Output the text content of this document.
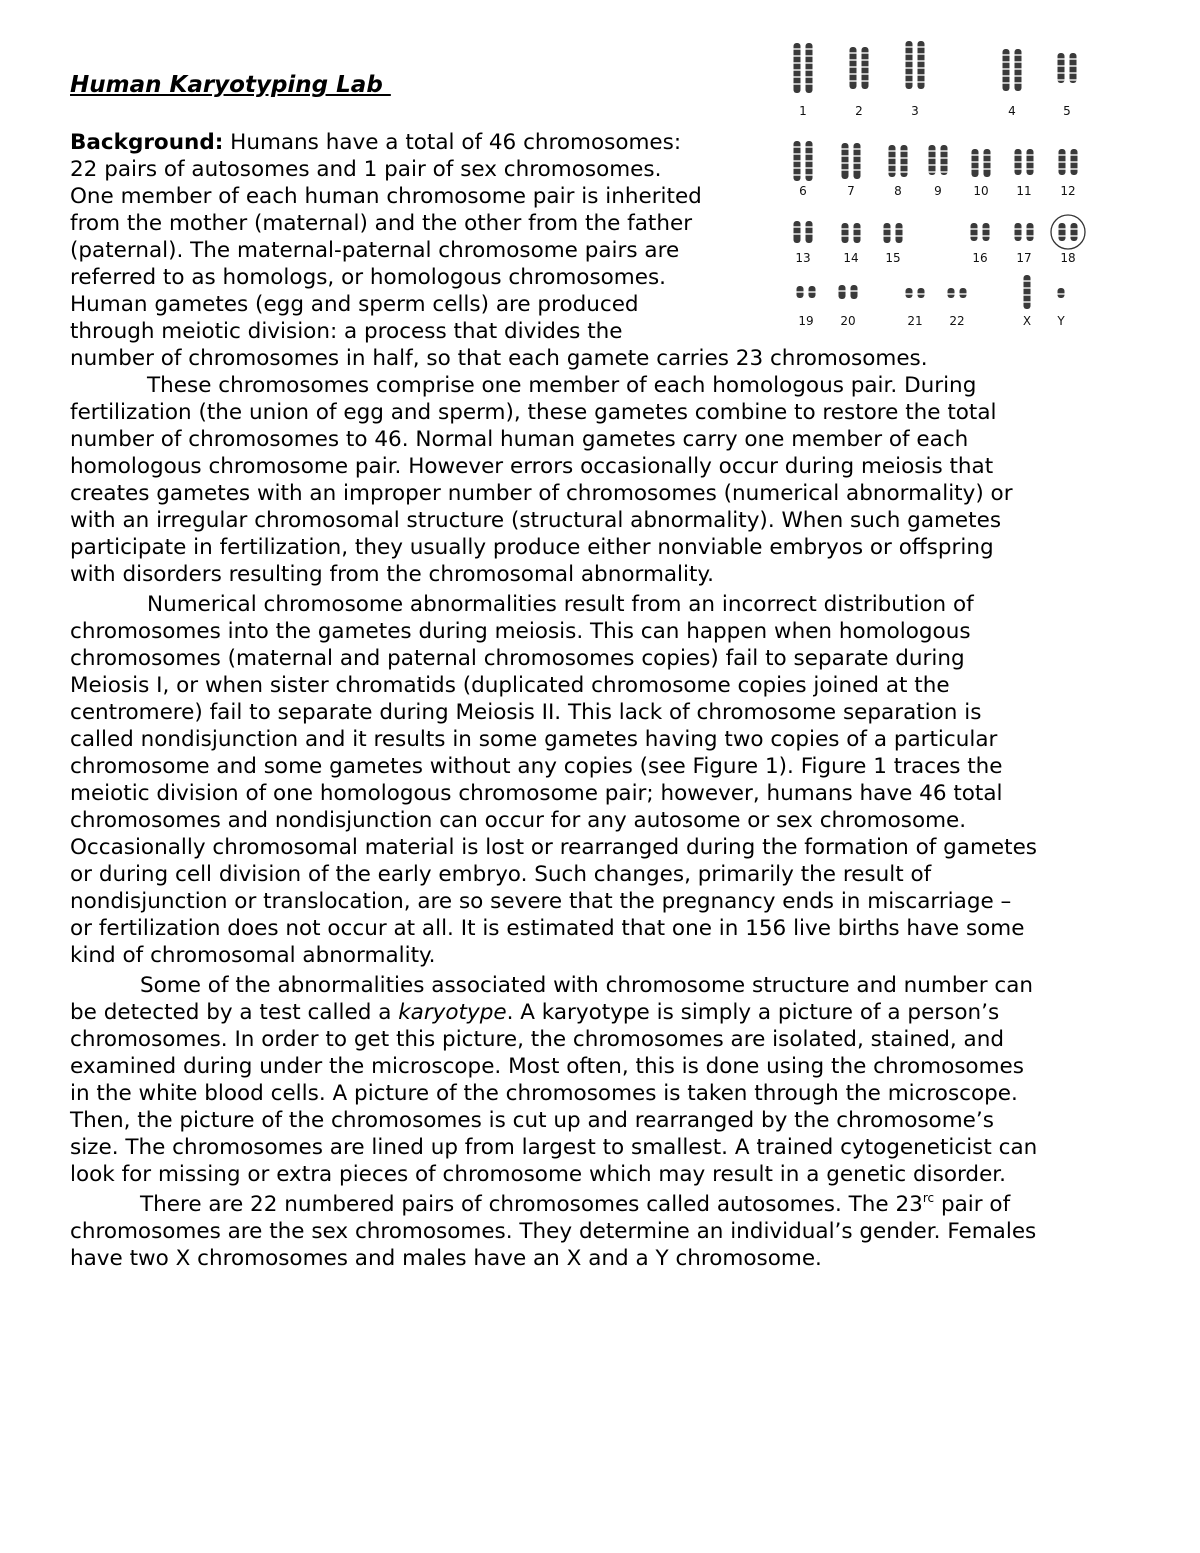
Human Karyotyping Lab
1	2	3	4	5
6	7	8	9	10 11 12
13	14 15	16 17 18
19 20	21 22	X Y
Background: Humans have a total of 46 chromosomes:
22 pairs of autosomes and 1 pair of sex chromosomes.
One member of each human chromosome pair is inherited
from the mother (maternal) and the other from the father
(paternal). The maternal-paternal chromosome pairs are
referred to as homologs, or homologous chromosomes.
Human gametes (egg and sperm cells) are produced
through meiotic division: a process that divides the
number of chromosomes in half, so that each gamete carries 23 chromosomes.
These chromosomes comprise one member of each homologous pair. During
fertilization (the union of egg and sperm), these gametes combine to restore the total
number of chromosomes to 46. Normal human gametes carry one member of each
homologous chromosome pair. However errors occasionally occur during meiosis that
creates gametes with an improper number of chromosomes (numerical abnormality) or
with an irregular chromosomal structure (structural abnormality). When such gametes
participate in fertilization, they usually produce either nonviable embryos or offspring
with disorders resulting from the chromosomal abnormality.
Numerical chromosome abnormalities result from an incorrect distribution of
chromosomes into the gametes during meiosis. This can happen when homologous
chromosomes (maternal and paternal chromosomes copies) fail to separate during
Meiosis I, or when sister chromatids (duplicated chromosome copies joined at the
centromere) fail to separate during Meiosis II. This lack of chromosome separation is
called nondisjunction and it results in some gametes having two copies of a particular
chromosome and some gametes without any copies (see Figure 1). Figure 1 traces the
meiotic division of one homologous chromosome pair; however, humans have 46 total
chromosomes and nondisjunction can occur for any autosome or sex chromosome.
Occasionally chromosomal material is lost or rearranged during the formation of gametes
or during cell division of the early embryo. Such changes, primarily the result of
nondisjunction or translocation, are so severe that the pregnancy ends in miscarriage –
or fertilization does not occur at all. It is estimated that one in 156 live births have some
kind of chromosomal abnormality.
Some of the abnormalities associated with chromosome structure and number can
be detected by a test called a karyotype. A karyotype is simply a picture of a person’s
chromosomes. In order to get this picture, the chromosomes are isolated, stained, and
examined during under the microscope. Most often, this is done using the chromosomes
in the white blood cells. A picture of the chromosomes is taken through the microscope.
Then, the picture of the chromosomes is cut up and rearranged by the chromosome’s
size. The chromosomes are lined up from largest to smallest. A trained cytogeneticist can
look for missing or extra pieces of chromosome which may result in a genetic disorder.
There are 22 numbered pairs of chromosomes called autosomes. The $23^{rc}$ pair of
chromosomes are the sex chromosomes. They determine an individual’s gender. Females
have two X chromosomes and males have an X and a Y chromosome.
